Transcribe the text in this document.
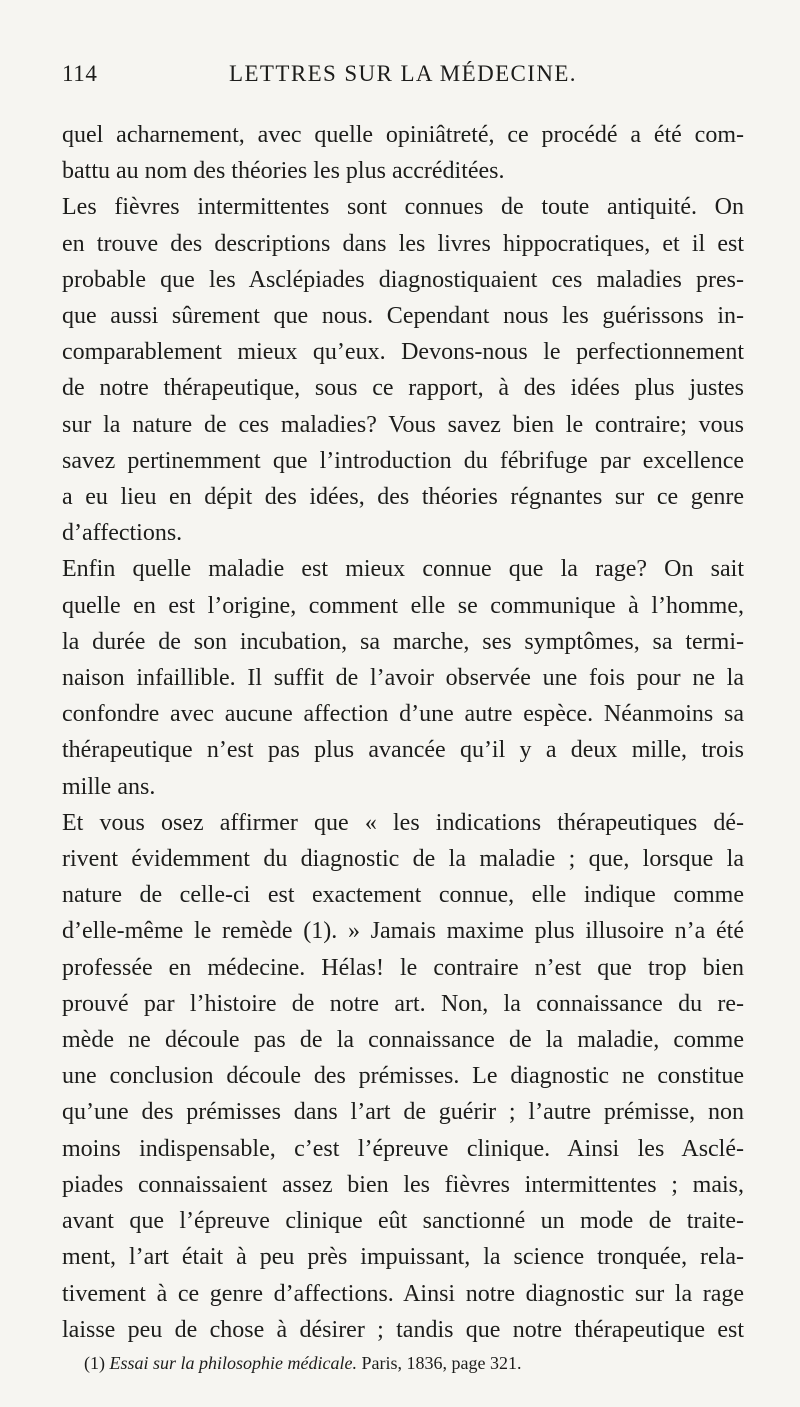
114	LETTRES SUR LA MÉDECINE.
quel acharnement, avec quelle opiniâtreté, ce procédé a été com-
battu au nom des théories les plus accréditées.
Les fièvres intermittentes sont connues de toute antiquité. On
en trouve des descriptions dans les livres hippocratiques, et il est
probable que les Asclépiades diagnostiquaient ces maladies pres-
que aussi sûrement que nous. Cependant nous les guérissons in-
comparablement mieux qu’eux. Devons-nous le perfectionnement
de notre thérapeutique, sous ce rapport, à des idées plus justes
sur la nature de ces maladies? Vous savez bien le contraire; vous
savez pertinemment que l’introduction du fébrifuge par excellence
a eu lieu en dépit des idées, des théories régnantes sur ce genre
d’affections.
Enfin quelle maladie est mieux connue que la rage? On sait
quelle en est l’origine, comment elle se communique à l’homme,
la durée de son incubation, sa marche, ses symptômes, sa termi-
naison infaillible. Il suffit de l’avoir observée une fois pour ne la
confondre avec aucune affection d’une autre espèce. Néanmoins sa
thérapeutique n’est pas plus avancée qu’il y a deux mille, trois
mille ans.
Et vous osez affirmer que « les indications thérapeutiques dé-
rivent évidemment du diagnostic de la maladie ; que, lorsque la
nature de celle-ci est exactement connue, elle indique comme
d’elle-même le remède (1). » Jamais maxime plus illusoire n’a été
professée en médecine. Hélas! le contraire n’est que trop bien
prouvé par l’histoire de notre art. Non, la connaissance du re-
mède ne découle pas de la connaissance de la maladie, comme
une conclusion découle des prémisses. Le diagnostic ne constitue
qu’une des prémisses dans l’art de guérir ; l’autre prémisse, non
moins indispensable, c’est l’épreuve clinique. Ainsi les Asclé-
piades connaissaient assez bien les fièvres intermittentes ; mais,
avant que l’épreuve clinique eût sanctionné un mode de traite-
ment, l’art était à peu près impuissant, la science tronquée, rela-
tivement à ce genre d’affections. Ainsi notre diagnostic sur la rage
laisse peu de chose à désirer ; tandis que notre thérapeutique est
(1) Essai sur la philosophie médicale. Paris, 1836, page 321.
